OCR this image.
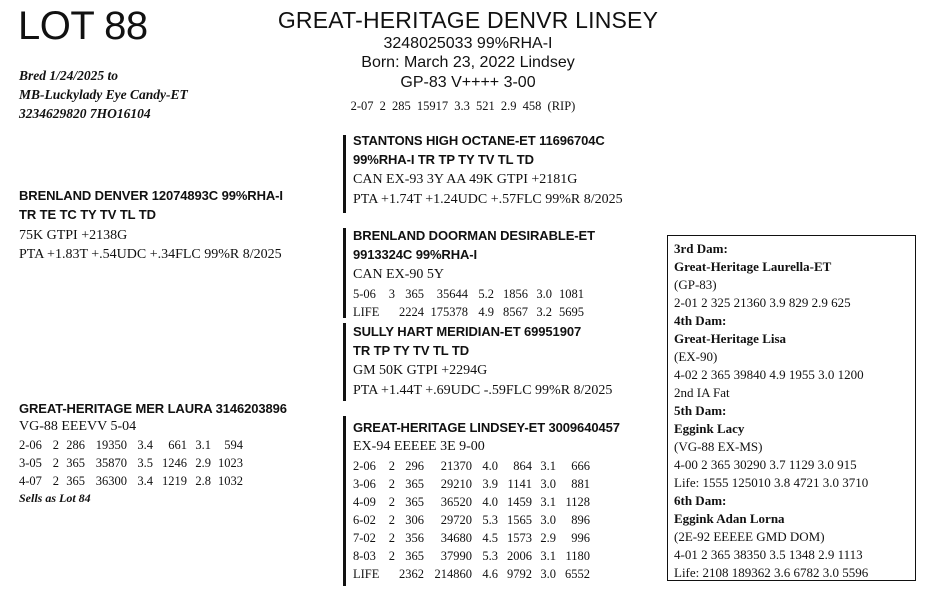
LOT 88
Bred 1/24/2025 to
MB-Luckylady Eye Candy-ET
3234629820 7HO16104
GREAT-HERITAGE DENVR LINSEY
3248025033 99%RHA-I
Born: March 23, 2022 Lindsey
GP-83 V++++ 3-00
2-07 2 285 15917 3.3 521 2.9 458 (RIP)
BRENLAND DENVER 12074893C 99%RHA-I
TR TE TC TY TV TL TD
75K GTPI +2138G
PTA +1.83T +.54UDC +.34FLC 99%R 8/2025
STANTONS HIGH OCTANE-ET 11696704C
99%RHA-I TR TP TY TV TL TD
CAN EX-93 3Y AA 49K GTPI +2181G
PTA +1.74T +1.24UDC +.57FLC 99%R 8/2025
BRENLAND DOORMAN DESIRABLE-ET
9913324C 99%RHA-I
CAN EX-90 5Y
5-06	3	365	35644	5.2	1856	3.0	1081
LIFE		2224	175378	4.9	8567	3.2	5695
GREAT-HERITAGE MER LAURA 3146203896
VG-88 EEEVV 5-04
2-06	2	286	19350	3.4	661	3.1	594
3-05	2	365	35870	3.5	1246	2.9	1023
4-07	2	365	36300	3.4	1219	2.8	1032
Sells as Lot 84
SULLY HART MERIDIAN-ET 69951907
TR TP TY TV TL TD
GM 50K GTPI +2294G
PTA +1.44T +.69UDC -.59FLC 99%R 8/2025
GREAT-HERITAGE LINDSEY-ET 3009640457
EX-94 EEEEE 3E 9-00
2-06	2	296	21370	4.0	864	3.1	666
3-06	2	365	29210	3.9	1141	3.0	881
4-09	2	365	36520	4.0	1459	3.1	1128
6-02	2	306	29720	5.3	1565	3.0	896
7-02	2	356	34680	4.5	1573	2.9	996
8-03	2	365	37990	5.3	2006	3.1	1180
LIFE		2362	214860	4.6	9792	3.0	6552
3rd Dam:
Great-Heritage Laurella-ET
(GP-83)
2-01 2 325 21360 3.9 829 2.9 625
4th Dam:
Great-Heritage Lisa
(EX-90)
4-02 2 365 39840 4.9 1955 3.0 1200
2nd IA Fat
5th Dam:
Eggink Lacy
(VG-88 EX-MS)
4-00 2 365 30290 3.7 1129 3.0 915
Life: 1555 125010 3.8 4721 3.0 3710
6th Dam:
Eggink Adan Lorna
(2E-92 EEEEE GMD DOM)
4-01 2 365 38350 3.5 1348 2.9 1113
Life: 2108 189362 3.6 6782 3.0 5596
